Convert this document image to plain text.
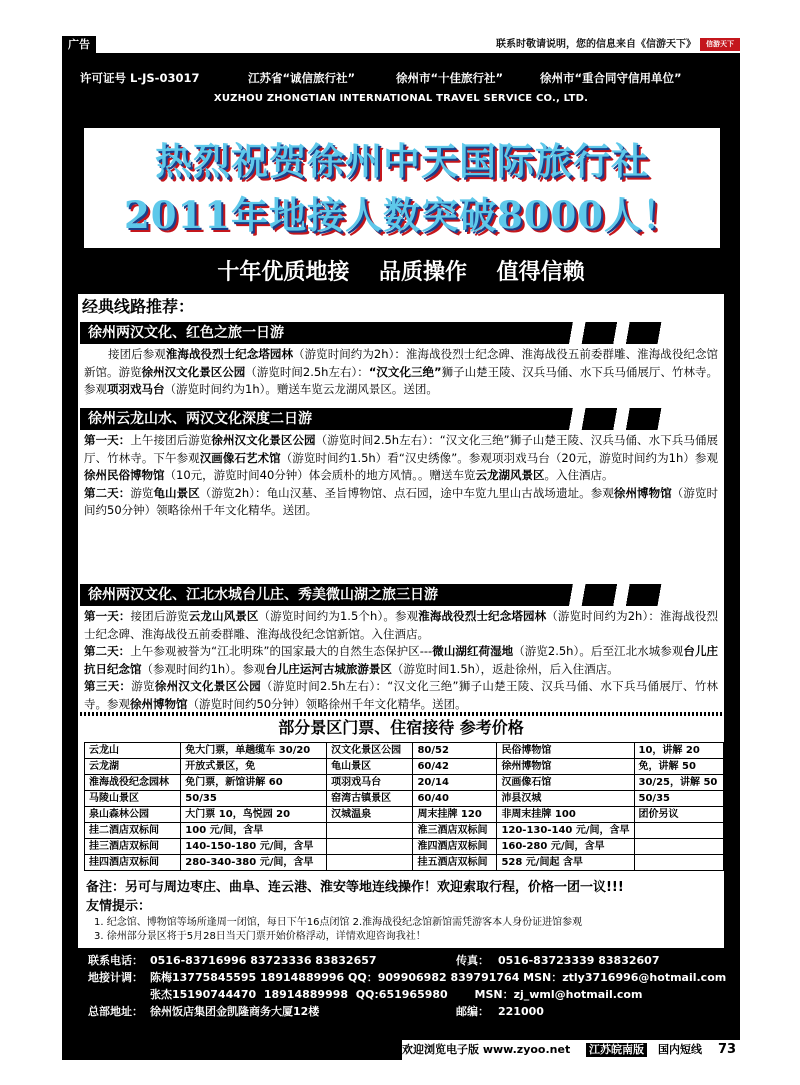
广告	联系时敬请说明，您的信息来自《信游天下》	信游天下
许可证号 L-JS-03017	江苏省“诚信旅行社”	徐州市“十佳旅行社”	徐州市“重合同守信用单位”
XUZHOU ZHONGTIAN INTERNATIONAL TRAVEL SERVICE CO., LTD.
热烈祝贺徐州中天国际旅行社
2011年地接人数突破8000人！
十年优质地接 品质操作 值得信赖
经典线路推荐：
徐州两汉文化、红色之旅一日游
接团后参观淮海战役烈士纪念塔园林（游览时间约为2h）：淮海战役烈士纪念碑、淮海战役五前委群雕、淮海战役纪念馆新馆。游览徐州汉文化景区公园（游览时间2.5h左右）：“汉文化三绝”狮子山楚王陵、汉兵马俑、水下兵马俑展厅、竹林寺。参观项羽戏马台（游览时间约为1h）。赠送车览云龙湖风景区。送团。
徐州云龙山水、两汉文化深度二日游
第一天：上午接团后游览徐州汉文化景区公园（游览时间2.5h左右）：“汉文化三绝”狮子山楚王陵、汉兵马俑、水下兵马俑展厅、竹林寺。下午参观汉画像石艺术馆（游览时间约1.5h）看“汉史绣像”。参观项羽戏马台（20元，游览时间约为1h）参观徐州民俗博物馆（10元，游览时间40分钟）体会质朴的地方风情。。赠送车览云龙湖风景区。入住酒店。
第二天：游览龟山景区（游览2h）：龟山汉墓、圣旨博物馆、点石园，途中车览九里山古战场遗址。参观徐州博物馆（游览时间约50分钟）领略徐州千年文化精华。送团。
徐州两汉文化、江北水城台儿庄、秀美微山湖之旅三日游
第一天：接团后游览云龙山风景区（游览时间约为1.5个h）。参观淮海战役烈士纪念塔园林（游览时间约为2h）：淮海战役烈士纪念碑、淮海战役五前委群雕、淮海战役纪念馆新馆。入住酒店。
第二天：上午参观被誉为“江北明珠”的国家最大的自然生态保护区---微山湖红荷湿地（游览2.5h）。后至江北水城参观台儿庄抗日纪念馆（参观时间约1h）。参观台儿庄运河古城旅游景区（游览时间1.5h），返赴徐州，后入住酒店。
第三天：游览徐州汉文化景区公园（游览时间2.5h左右）：“汉文化三绝”狮子山楚王陵、汉兵马俑、水下兵马俑展厅、竹林寺。参观徐州博物馆（游览时间约50分钟）领略徐州千年文化精华。送团。
部分景区门票、住宿接待 参考价格
云龙山	免大门票，单趟缆车 30/20	汉文化景区公园	80/52	民俗博物馆	10，讲解 20
云龙湖	开放式景区，免	龟山景区	60/42	徐州博物馆	免，讲解 50
淮海战役纪念园林	免门票，新馆讲解 60	项羽戏马台	20/14	汉画像石馆	30/25，讲解 50
马陵山景区	50/35	窑湾古镇景区	60/40	沛县汉城	50/35
泉山森林公园	大门票 10，鸟悦园 20	汉城温泉	周末挂牌 120	非周末挂牌 100	团价另议
挂二酒店双标间	100 元/间，含早		淮三酒店双标间	120-130-140 元/间，含早	
挂三酒店双标间	140-150-180 元/间，含早		淮四酒店双标间	160-280 元/间，含早	
挂四酒店双标间	280-340-380 元/间，含早		挂五酒店双标间	528 元/间起 含早	
备注：另可与周边枣庄、曲阜、连云港、淮安等地连线操作！欢迎索取行程，价格一团一议!!!
友情提示：
1. 纪念馆、博物馆等场所逢周一闭馆，每日下午16点闭馆 2.淮海战役纪念馆新馆需凭游客本人身份证进馆参观
3. 徐州部分景区将于5月28日当天门票开始价格浮动，详情欢迎咨询我社！
联系电话： 0516-83716996 83723336 83832657	传真： 0516-83723339 83832607
地接计调： 陈梅13775845595 18914889996 QQ：909906982 839791764 MSN：ztly3716996@hotmail.com
张杰15190744470  18914889998  QQ:651965980       MSN：zj_wml@hotmail.com
总部地址： 徐州饭店集团金凯隆商务大厦12楼	邮编： 221000
欢迎浏览电子版 www.zyoo.net 江苏皖南版 国内短线 73
